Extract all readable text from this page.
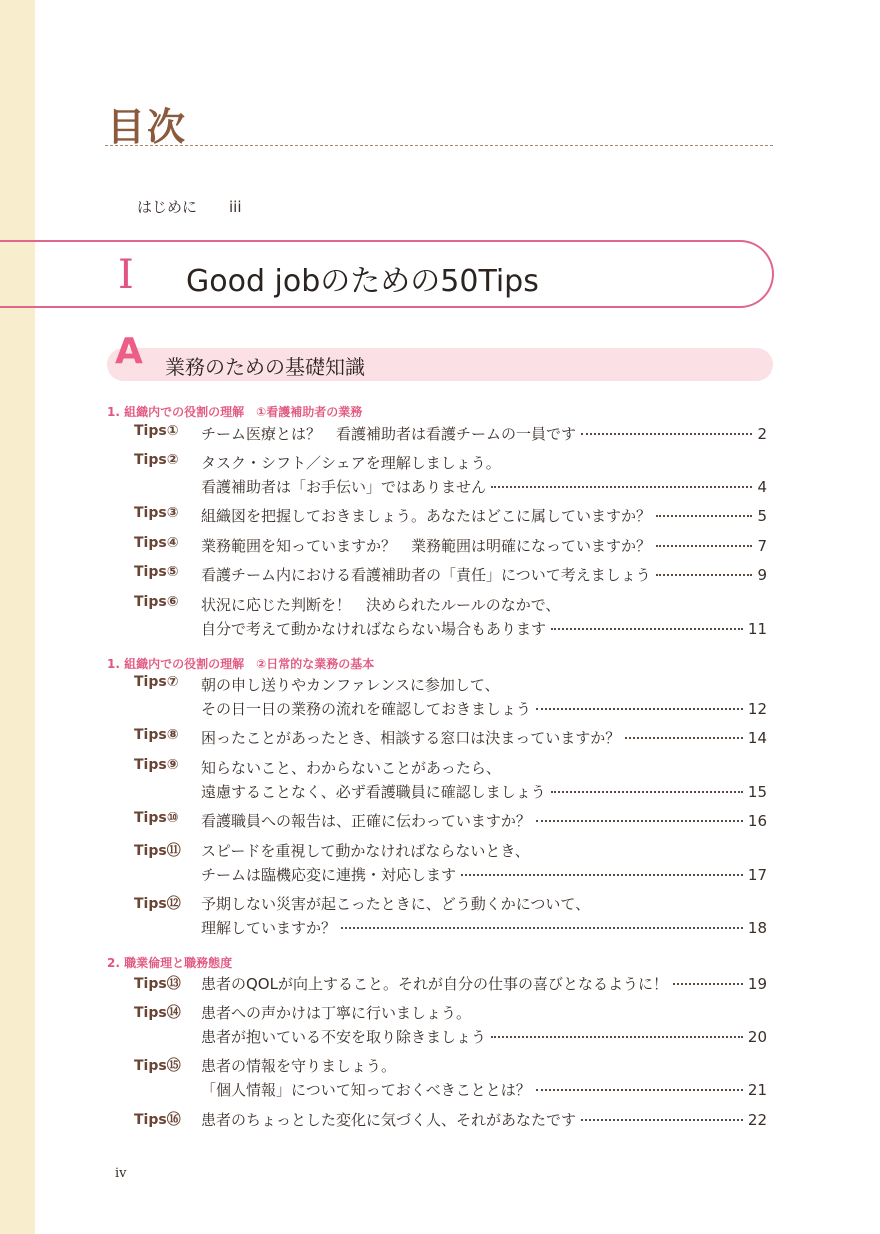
目次
はじめに iii
I Good jobのための50Tips
A 業務のための基礎知識
1. 組織内での役割の理解　①看護補助者の業務
1. 組織内での役割の理解　②日常的な業務の基本
2. 職業倫理と職務態度
Tips① チーム医療とは？　看護補助者は看護チームの一員です	2
Tips② タスク・シフト／シェアを理解しましょう。
看護補助者は「お手伝い」ではありません	4
Tips③ 組織図を把握しておきましょう。あなたはどこに属していますか？	5
Tips④ 業務範囲を知っていますか？　業務範囲は明確になっていますか？	7
Tips⑤ 看護チーム内における看護補助者の「責任」について考えましょう	9
Tips⑥ 状況に応じた判断を！　決められたルールのなかで、
自分で考えて動かなければならない場合もあります	11
Tips⑦ 朝の申し送りやカンファレンスに参加して、
その日一日の業務の流れを確認しておきましょう	12
Tips⑧ 困ったことがあったとき、相談する窓口は決まっていますか？	14
Tips⑨ 知らないこと、わからないことがあったら、
遠慮することなく、必ず看護職員に確認しましょう	15
Tips⑩ 看護職員への報告は、正確に伝わっていますか？	16
Tips⑪ スピードを重視して動かなければならないとき、
チームは臨機応変に連携・対応します	17
Tips⑫ 予期しない災害が起こったときに、どう動くかについて、
理解していますか？	18
Tips⑬ 患者のQOLが向上すること。それが自分の仕事の喜びとなるように！	19
Tips⑭ 患者への声かけは丁寧に行いましょう。
患者が抱いている不安を取り除きましょう	20
Tips⑮ 患者の情報を守りましょう。
「個人情報」について知っておくべきこととは？	21
Tips⑯ 患者のちょっとした変化に気づく人、それがあなたです	22
iv
